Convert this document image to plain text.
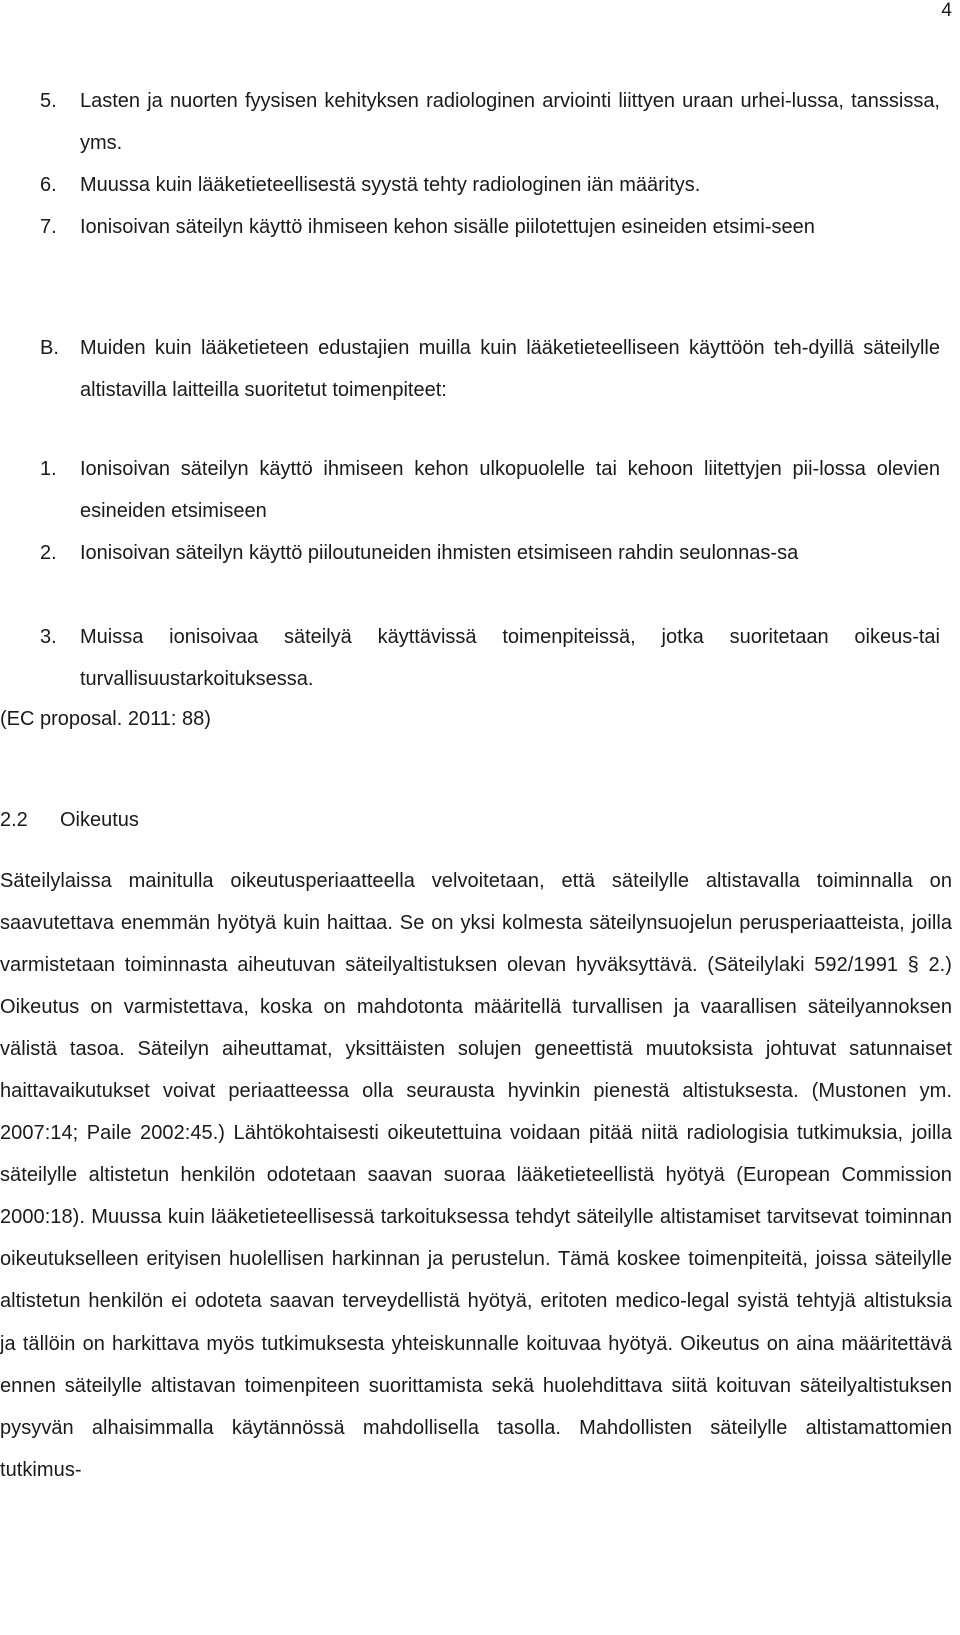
4
5. Lasten ja nuorten fyysisen kehityksen radiologinen arviointi liittyen uraan urhei-lussa, tanssissa, yms.
6. Muussa kuin lääketieteellisestä syystä tehty radiologinen iän määritys.
7. Ionisoivan säteilyn käyttö ihmiseen kehon sisälle piilotettujen esineiden etsimi-seen
B. Muiden kuin lääketieteen edustajien muilla kuin lääketieteelliseen käyttöön teh-dyillä säteilylle altistavilla laitteilla suoritetut toimenpiteet:
1. Ionisoivan säteilyn käyttö ihmiseen kehon ulkopuolelle tai kehoon liitettyjen pii-lossa olevien esineiden etsimiseen
2. Ionisoivan säteilyn käyttö piiloutuneiden ihmisten etsimiseen rahdin seulonnas-sa
3. Muissa ionisoivaa säteilyä käyttävissä toimenpiteissä, jotka suoritetaan oikeus-tai turvallisuustarkoituksessa.
(EC proposal. 2011: 88)
2.2 Oikeutus
Säteilylaissa mainitulla oikeutusperiaatteella velvoitetaan, että säteilylle altistavalla toiminnalla on saavutettava enemmän hyötyä kuin haittaa. Se on yksi kolmesta säteilynsuojelun perusperiaatteista, joilla varmistetaan toiminnasta aiheutuvan säteilyaltistuksen olevan hyväksyttävä. (Säteilylaki 592/1991 § 2.) Oikeutus on varmistettava, koska on mahdotonta määritellä turvallisen ja vaarallisen säteilyannoksen välistä tasoa. Säteilyn aiheuttamat, yksittäisten solujen geneettistä muutoksista johtuvat satunnaiset haittavaikutukset voivat periaatteessa olla seurausta hyvinkin pienestä altistuksesta. (Mustonen ym. 2007:14; Paile 2002:45.) Lähtökohtaisesti oikeutettuina voidaan pitää niitä radiologisia tutkimuksia, joilla säteilylle altistetun henkilön odotetaan saavan suoraa lääketieteellistä hyötyä (European Commission 2000:18). Muussa kuin lääketieteellisessä tarkoituksessa tehdyt säteilylle altistamiset tarvitsevat toiminnan oikeutukselleen erityisen huolellisen harkinnan ja perustelun. Tämä koskee toimenpiteitä, joissa säteilylle altistetun henkilön ei odoteta saavan terveydellistä hyötyä, eritoten medico-legal syistä tehtyjä altistuksia ja tällöin on harkittava myös tutkimuksesta yhteiskunnalle koituvaa hyötyä. Oikeutus on aina määritettävä ennen säteilylle altistavan toimenpiteen suorittamista sekä huolehdittava siitä koituvan säteilyaltistuksen pysyvän alhaisimmalla käytännössä mahdollisella tasolla. Mahdollisten säteilylle altistamattomien tutkimus-
